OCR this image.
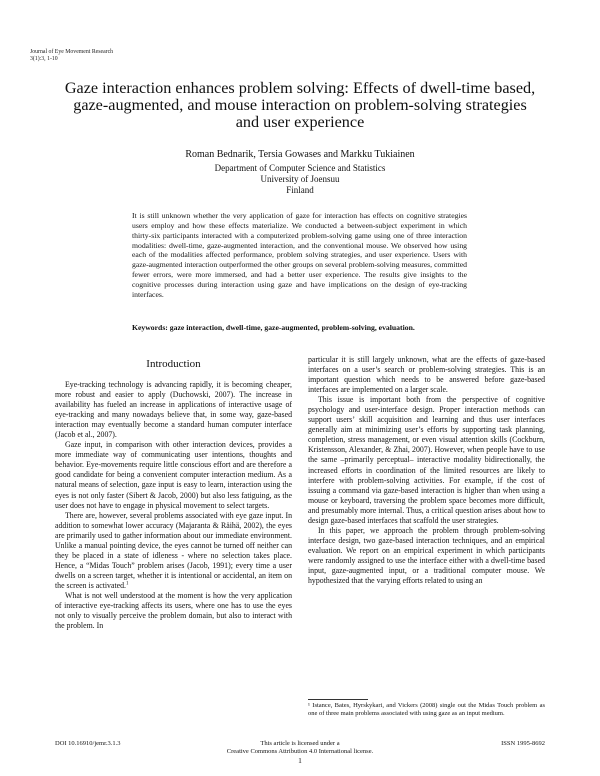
Journal of Eye Movement Research
3(1):3, 1-10
Gaze interaction enhances problem solving: Effects of dwell-time based, gaze-augmented, and mouse interaction on problem-solving strategies and user experience
Roman Bednarik, Tersia Gowases and Markku Tukiainen
Department of Computer Science and Statistics
University of Joensuu
Finland
It is still unknown whether the very application of gaze for interaction has effects on cognitive strategies users employ and how these effects materialize. We conducted a between-subject experiment in which thirty-six participants interacted with a computerized problem-solving game using one of three interaction modalities: dwell-time, gaze-augmented interaction, and the conventional mouse. We observed how using each of the modalities affected performance, problem solving strategies, and user experience. Users with gaze-augmented interaction outperformed the other groups on several problem-solving measures, committed fewer errors, were more immersed, and had a better user experience. The results give insights to the cognitive processes during interaction using gaze and have implications on the design of eye-tracking interfaces.
Keywords: gaze interaction, dwell-time, gaze-augmented, problem-solving, evaluation.
Introduction

Eye-tracking technology is advancing rapidly, it is becoming cheaper, more robust and easier to apply (Duchowski, 2007). The increase in availability has fueled an increase in applications of interactive usage of eye-tracking and many nowadays believe that, in some way, gaze-based interaction may eventually become a standard human computer interface (Jacob et al., 2007).

Gaze input, in comparison with other interaction devices, provides a more immediate way of communicating user intentions, thoughts and behavior. Eye-movements require little conscious effort and are therefore a good candidate for being a convenient computer interaction medium. As a natural means of selection, gaze input is easy to learn, interaction using the eyes is not only faster (Sibert & Jacob, 2000) but also less fatiguing, as the user does not have to engage in physical movement to select targets.

There are, however, several problems associated with eye gaze input. In addition to somewhat lower accuracy (Majaranta & Räihä, 2002), the eyes are primarily used to gather information about our immediate environment. Unlike a manual pointing device, the eyes cannot be turned off neither can they be placed in a state of idleness - where no selection takes place. Hence, a “Midas Touch” problem arises (Jacob, 1991); every time a user dwells on a screen target, whether it is intentional or accidental, an item on the screen is activated.$^1$

What is not well understood at the moment is how the very application of interactive eye-tracking affects its users, where one has to use the eyes not only to visually perceive the problem domain, but also to interact with the problem. In

particular it is still largely unknown, what are the effects of gaze-based interfaces on a user’s search or problem-solving strategies. This is an important question which needs to be answered before gaze-based interfaces are implemented on a larger scale.

This issue is important both from the perspective of cognitive psychology and user-interface design. Proper interaction methods can support users’ skill acquisition and learning and thus user interfaces generally aim at minimizing user’s efforts by supporting task planning, completion, stress management, or even visual attention skills (Cockburn, Kristensson, Alexander, & Zhai, 2007). However, when people have to use the same –primarily perceptual– interactive modality bidirectionally, the increased efforts in coordination of the limited resources are likely to interfere with problem-solving activities. For example, if the cost of issuing a command via gaze-based interaction is higher than when using a mouse or keyboard, traversing the problem space becomes more difficult, and presumably more internal. Thus, a critical question arises about how to design gaze-based interfaces that scaffold the user strategies.

In this paper, we approach the problem through problem-solving interface design, two gaze-based interaction techniques, and an empirical evaluation. We report on an empirical experiment in which participants were randomly assigned to use the interface either with a dwell-time based input, gaze-augmented input, or a traditional computer mouse. We hypothesized that the varying efforts related to using an

¹ Istance, Bates, Hyrskykari, and Vickers (2008) single out the Midas Touch problem as one of three main problems associated with using gaze as an input medium.
DOI 10.16910/jemr.3.1.3	This article is licensed under a
Creative Commons Attribution 4.0 International license.
ISSN 1995-8692
1
